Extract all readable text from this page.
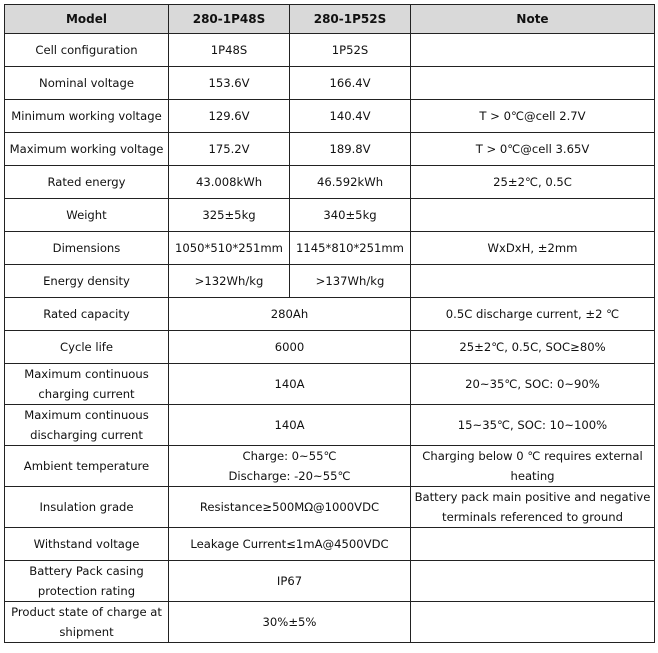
Model	280-1P48S	280-1P52S	Note
Cell configuration	1P48S	1P52S	
Nominal voltage	153.6V	166.4V	
Minimum working voltage	129.6V	140.4V	T > 0℃@cell 2.7V
Maximum working voltage	175.2V	189.8V	T > 0℃@cell 3.65V
Rated energy	43.008kWh	46.592kWh	25±2℃, 0.5C
Weight	325±5kg	340±5kg	
Dimensions	1050*510*251mm	1145*810*251mm	WxDxH, ±2mm
Energy density	>132Wh/kg	>137Wh/kg	
Rated capacity	280Ah		0.5C discharge current, ±2 ℃
Cycle life	6000		25±2℃, 0.5C, SOC≥80%

Maximum continuous
charging current	140A		20~35℃, SOC: 0~90%

Maximum continuous
discharging current	140A		15~35℃, SOC: 10~100%
Ambient temperature	Charge: 0~55℃
Discharge: -20~55℃		Charging below 0 ℃ requires external
heating

Insulation grade	Resistance≥500MΩ@1000VDC		Battery pack main positive and negative
terminals referenced to ground

Withstand voltage	Leakage Current≤1mA@4500VDC		

Battery Pack casing
protection rating	IP67		

Product state of charge at
shipment	30%±5%		
